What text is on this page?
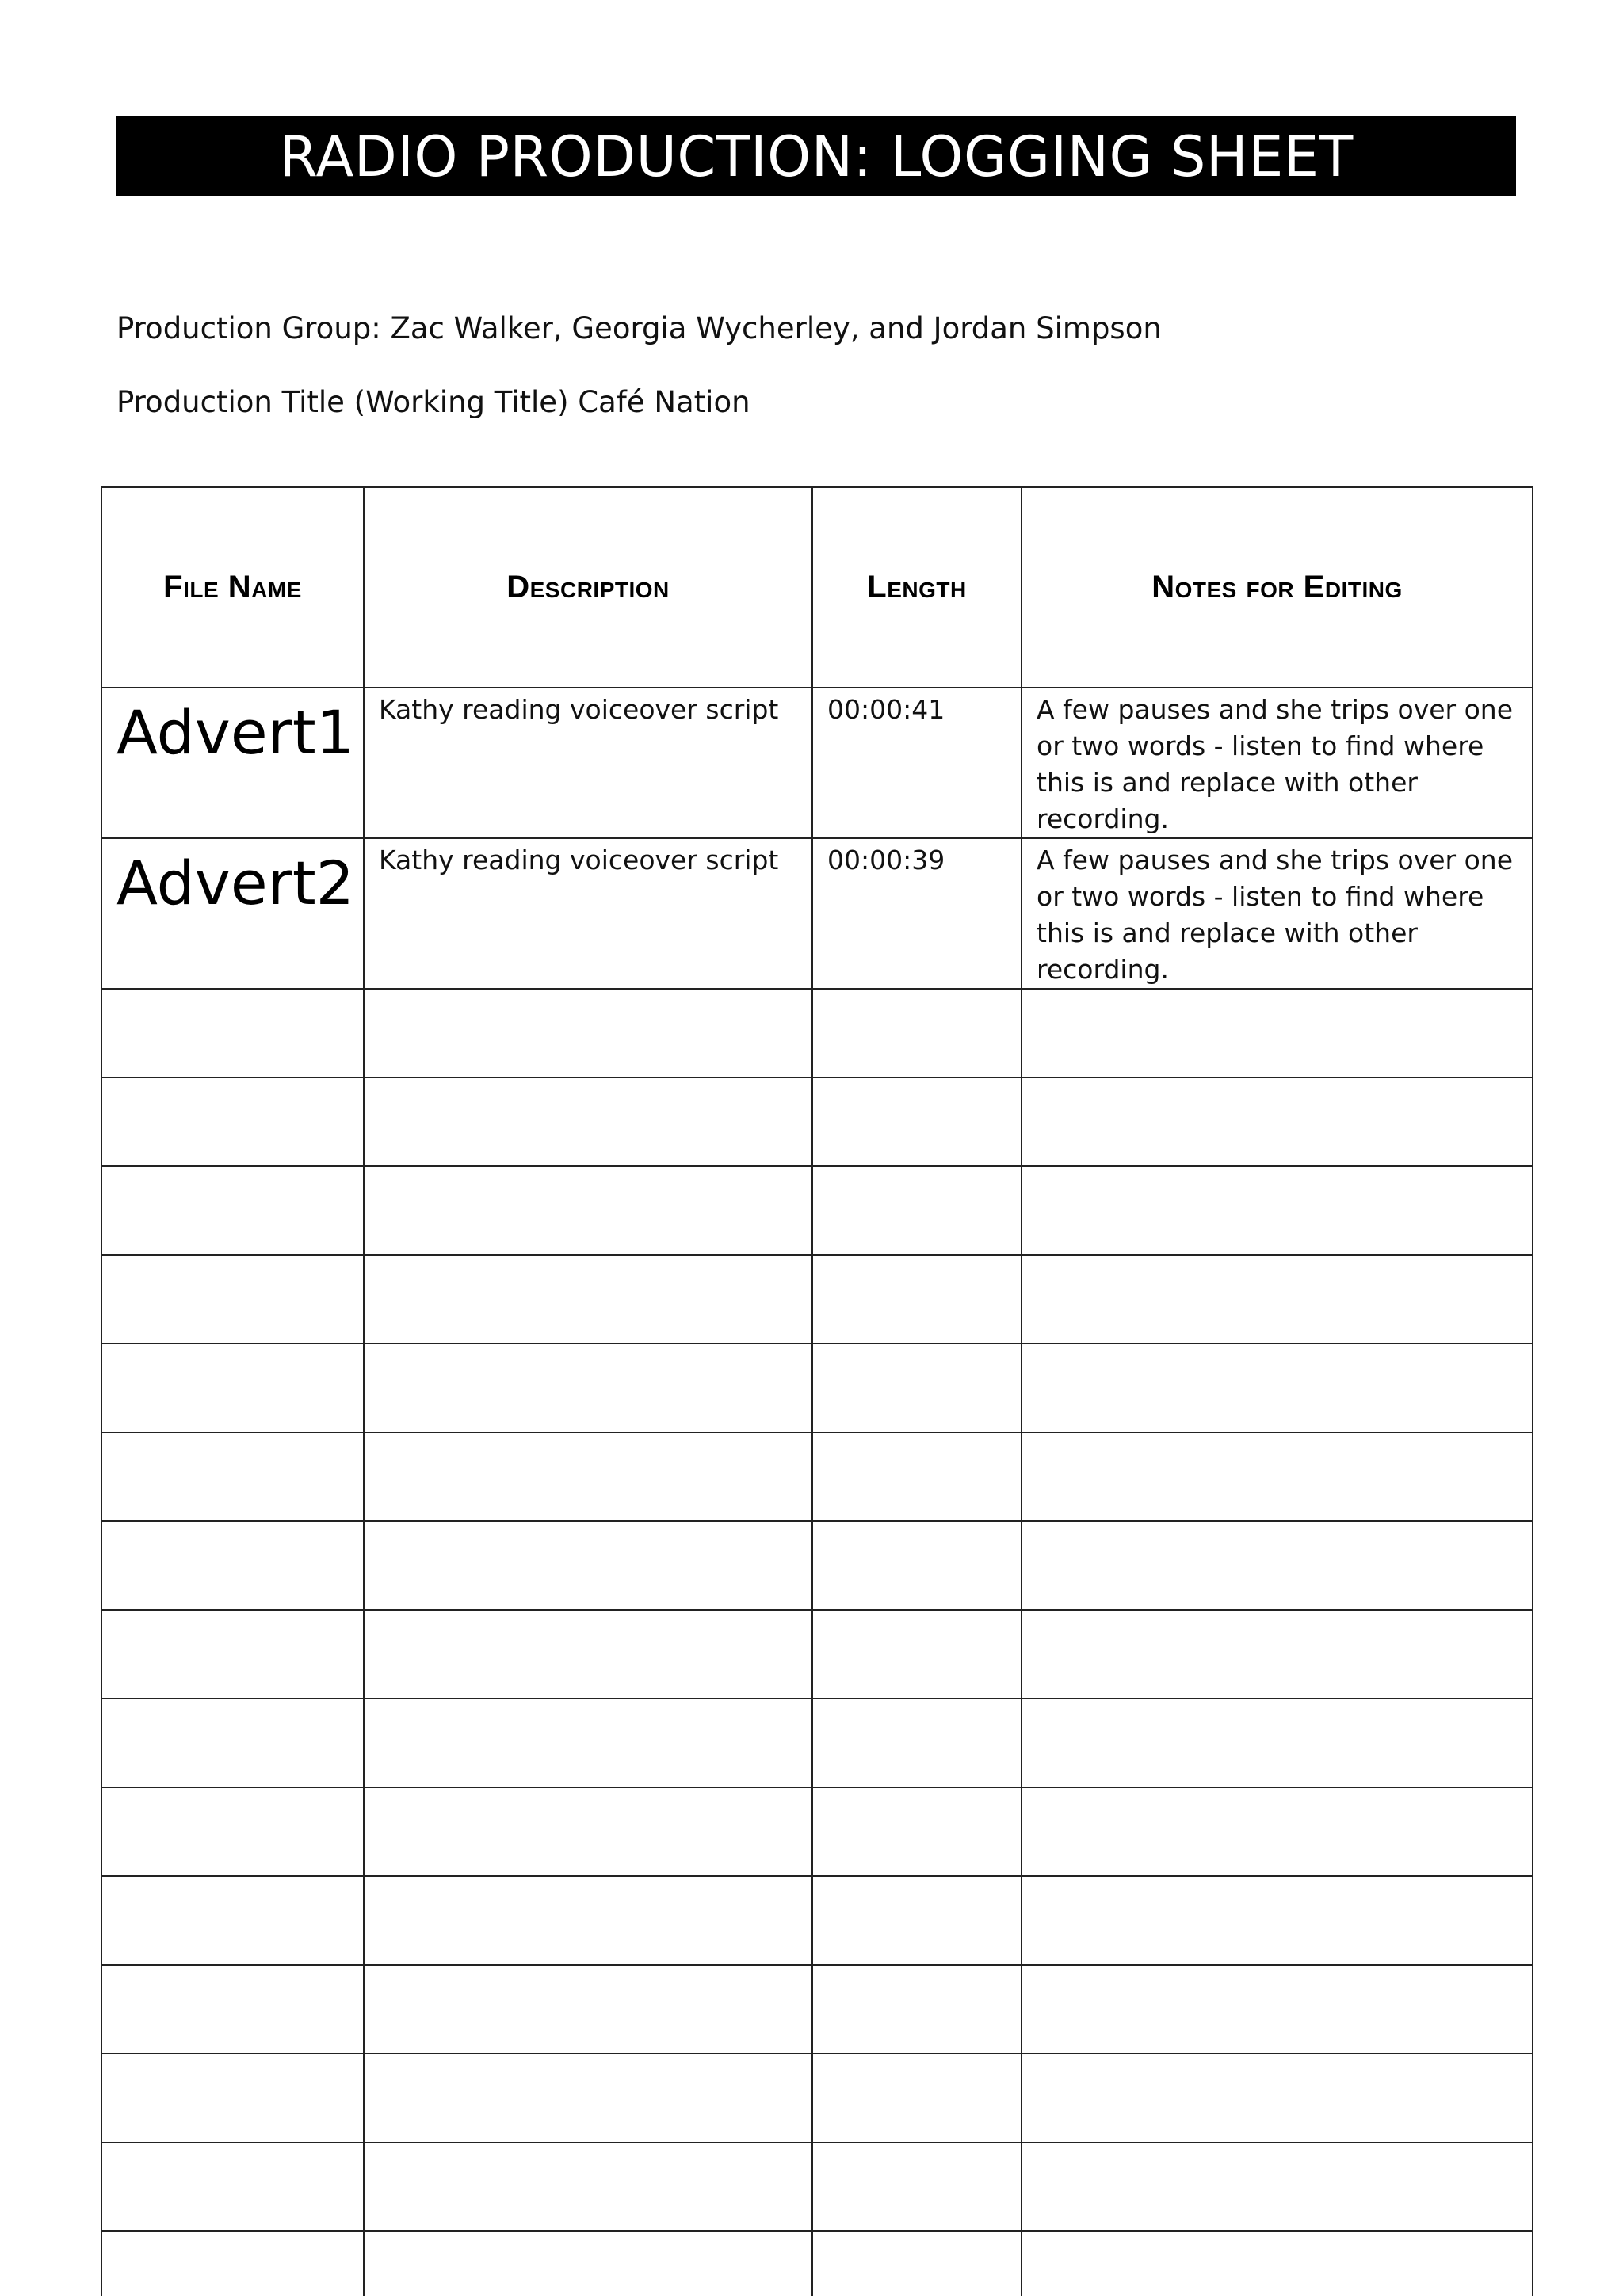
RADIO PRODUCTION: LOGGING SHEET
Production Group: Zac Walker, Georgia Wycherley, and Jordan Simpson
Production Title (Working Title) Café Nation
File Name	Description	Length	Notes for Editing

Advert1	Kathy reading voiceover script	00:00:41	A few pauses and she trips over one or two words - listen to find where this is and replace with other recording.

Advert2	Kathy reading voiceover script	00:00:39	A few pauses and she trips over one or two words - listen to find where this is and replace with other recording.
